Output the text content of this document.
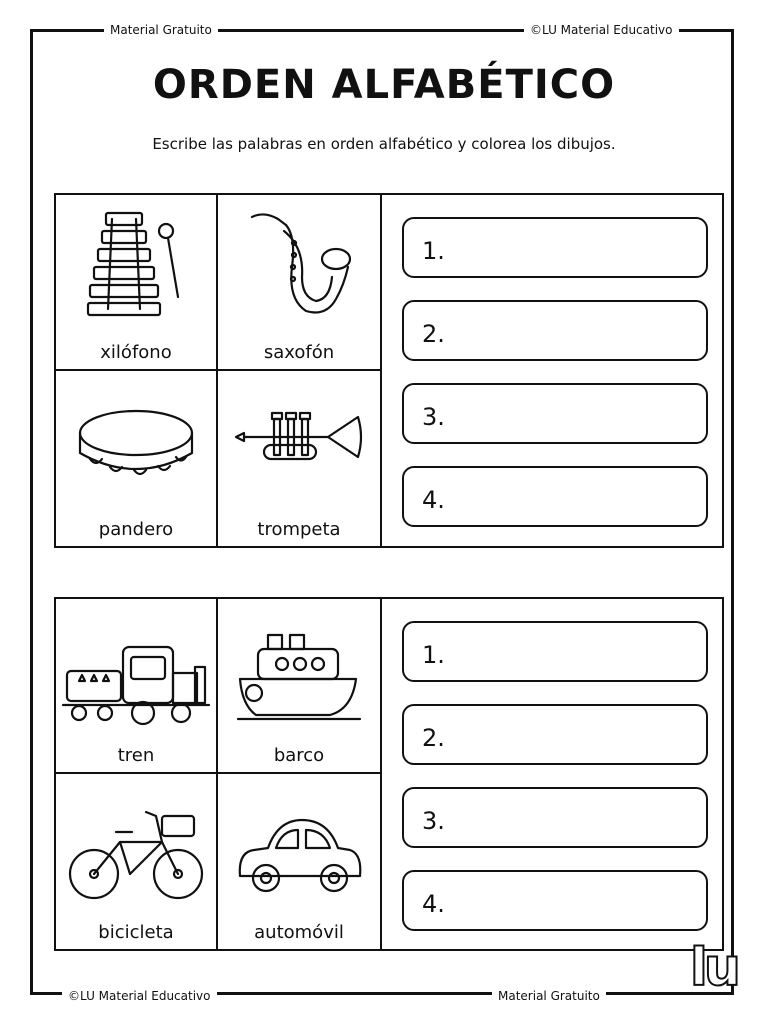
Material Gratuito	©LU Material Educativo
©LU Material Educativo	Material Gratuito
ORDEN ALFABÉTICO

Escribe las palabras en orden alfabético y colorea los dibujos.

xilófono	saxofón
pandero	trompeta
1.
2.
3.
4.
tren	barco
bicicleta	automóvil
1.
2.
3.
4.
lu
